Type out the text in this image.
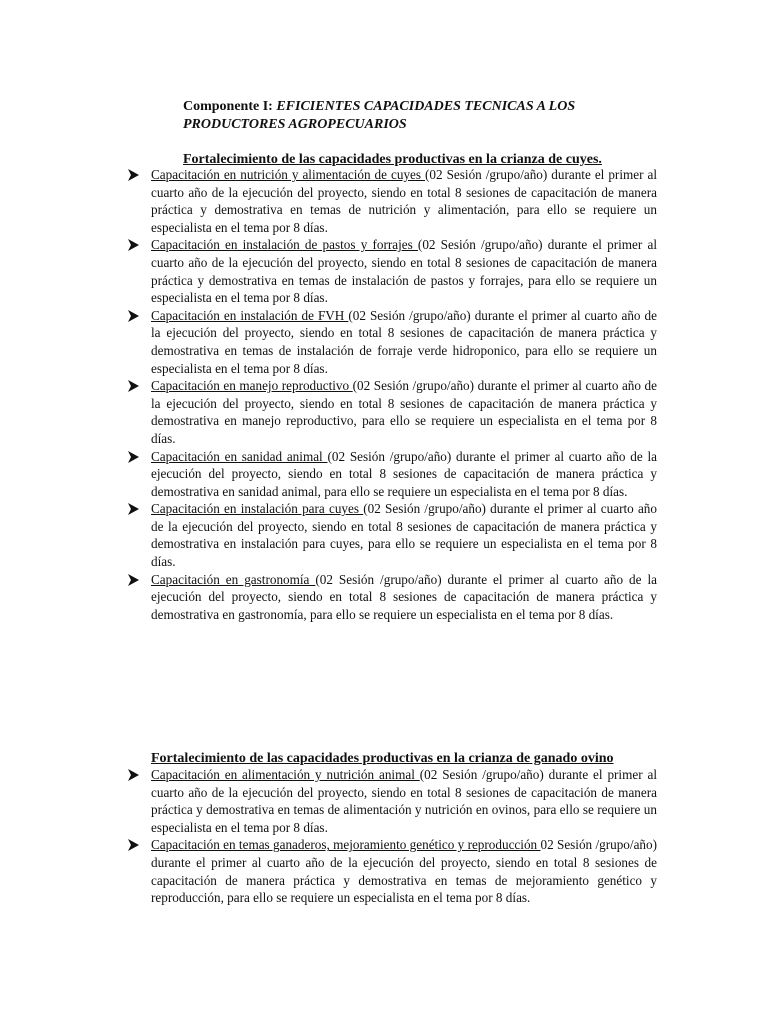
Componente I: EFICIENTES CAPACIDADES TECNICAS A LOS PRODUCTORES AGROPECUARIOS
Fortalecimiento de las capacidades productivas en la crianza de cuyes.
Capacitación en nutrición y alimentación de cuyes (02 Sesión /grupo/año) durante el primer al cuarto año de la ejecución del proyecto, siendo en total 8 sesiones de capacitación de manera práctica y demostrativa en temas de nutrición y alimentación, para ello se requiere un especialista en el tema por 8 días.
Capacitación en instalación de pastos y forrajes (02 Sesión /grupo/año) durante el primer al cuarto año de la ejecución del proyecto, siendo en total 8 sesiones de capacitación de manera práctica y demostrativa en temas de instalación de pastos y forrajes, para ello se requiere un especialista en el tema por 8 días.
Capacitación en instalación de FVH (02 Sesión /grupo/año) durante el primer al cuarto año de la ejecución del proyecto, siendo en total 8 sesiones de capacitación de manera práctica y demostrativa en temas de instalación de forraje verde hidroponico, para ello se requiere un especialista en el tema por 8 días.
Capacitación en manejo reproductivo (02 Sesión /grupo/año) durante el primer al cuarto año de la ejecución del proyecto, siendo en total 8 sesiones de capacitación de manera práctica y demostrativa en manejo reproductivo, para ello se requiere un especialista en el tema por 8 días.
Capacitación en sanidad animal (02 Sesión /grupo/año) durante el primer al cuarto año de la ejecución del proyecto, siendo en total 8 sesiones de capacitación de manera práctica y demostrativa en sanidad animal, para ello se requiere un especialista en el tema por 8 días.
Capacitación en instalación para cuyes (02 Sesión /grupo/año) durante el primer al cuarto año de la ejecución del proyecto, siendo en total 8 sesiones de capacitación de manera práctica y demostrativa en instalación para cuyes, para ello se requiere un especialista en el tema por 8 días.
Capacitación en gastronomía (02 Sesión /grupo/año) durante el primer al cuarto año de la ejecución del proyecto, siendo en total 8 sesiones de capacitación de manera práctica y demostrativa en gastronomía, para ello se requiere un especialista en el tema por 8 días.
Fortalecimiento de las capacidades productivas en la crianza de ganado ovino
Capacitación en alimentación y nutrición animal (02 Sesión /grupo/año) durante el primer al cuarto año de la ejecución del proyecto, siendo en total 8 sesiones de capacitación de manera práctica y demostrativa en temas de alimentación y nutrición en ovinos, para ello se requiere un especialista en el tema por 8 días.
Capacitación en temas ganaderos, mejoramiento genético y reproducción 02 Sesión /grupo/año) durante el primer al cuarto año de la ejecución del proyecto, siendo en total 8 sesiones de capacitación de manera práctica y demostrativa en temas de mejoramiento genético y reproducción, para ello se requiere un especialista en el tema por 8 días.
